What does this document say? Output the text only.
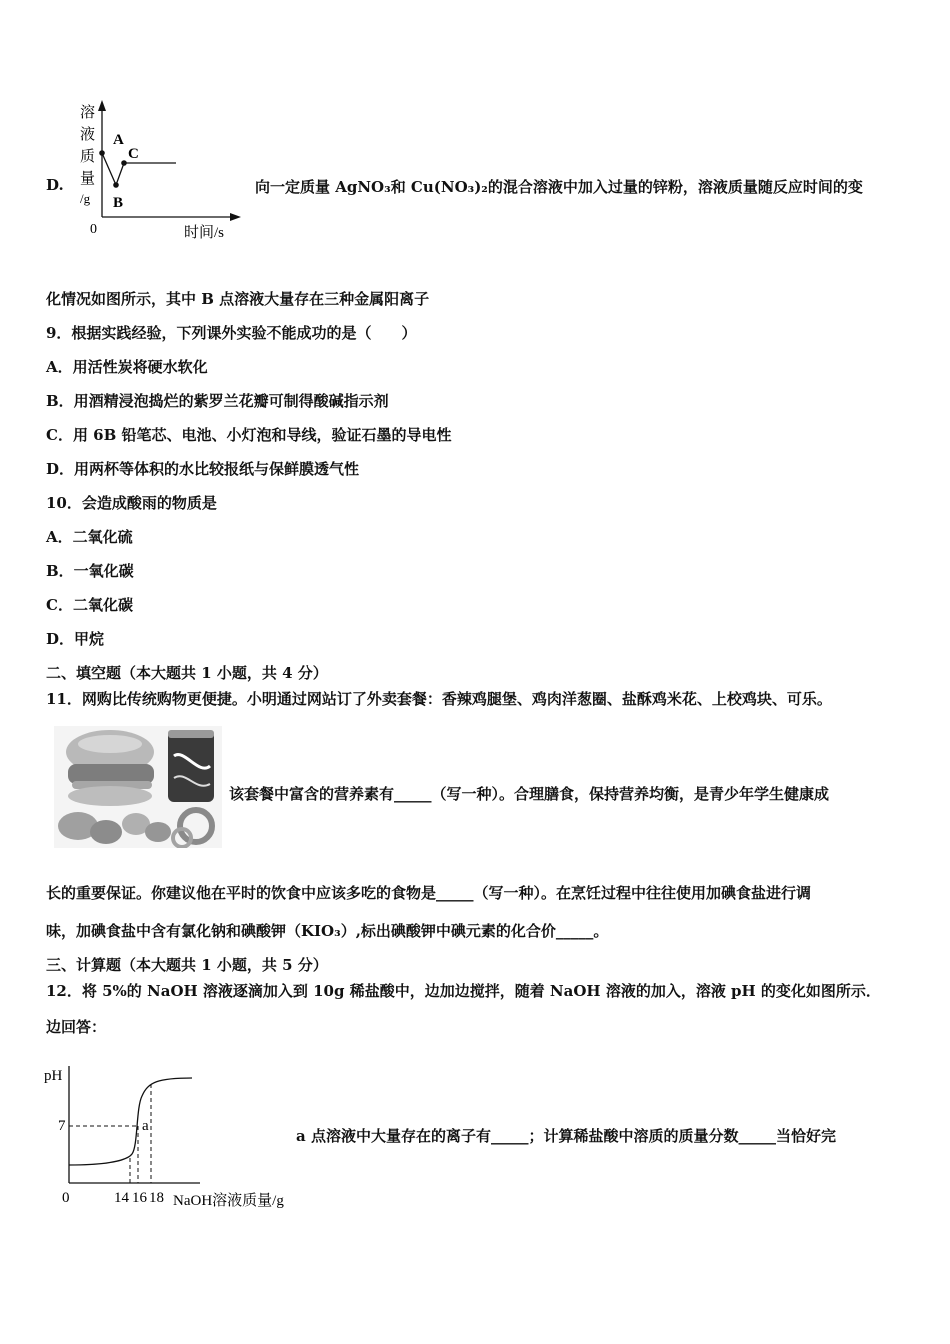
D.
溶
液
质
量
/g
A
B
C
0	时间/s
向一定质量 AgNO₃和 Cu(NO₃)₂的混合溶液中加入过量的锌粉，溶液质量随反应时间的变
化情况如图所示，其中 B 点溶液大量存在三种金属阳离子
9．根据实践经验，下列课外实验不能成功的是（　　）
A．用活性炭将硬水软化
B．用酒精浸泡捣烂的紫罗兰花瓣可制得酸碱指示剂
C．用 6B 铅笔芯、电池、小灯泡和导线，验证石墨的导电性
D．用两杯等体积的水比较报纸与保鲜膜透气性
10．会造成酸雨的物质是
A．二氧化硫
B．一氧化碳
C．二氧化碳
D．甲烷
二、填空题（本大题共 1 小题，共 4 分）
11．网购比传统购物更便捷。小明通过网站订了外卖套餐：香辣鸡腿堡、鸡肉洋葱圈、盐酥鸡米花、上校鸡块、可乐。
该套餐中富含的营养素有_____（写一种）。合理膳食，保持营养均衡，是青少年学生健康成
长的重要保证。你建议他在平时的饮食中应该多吃的食物是_____（写一种）。在烹饪过程中往往使用加碘食盐进行调
味，加碘食盐中含有氯化钠和碘酸钾（KIO₃）,标出碘酸钾中碘元素的化合价_____。
三、计算题（本大题共 1 小题，共 5 分）
12．将 5%的 NaOH 溶液逐滴加入到 10g 稀盐酸中，边加边搅拌，随着 NaOH 溶液的加入，溶液 pH 的变化如图所示．
边回答：
pH
7	a
0	14 16 18 NaOH溶液质量/g
a 点溶液中大量存在的离子有_____；计算稀盐酸中溶质的质量分数_____当恰好完
